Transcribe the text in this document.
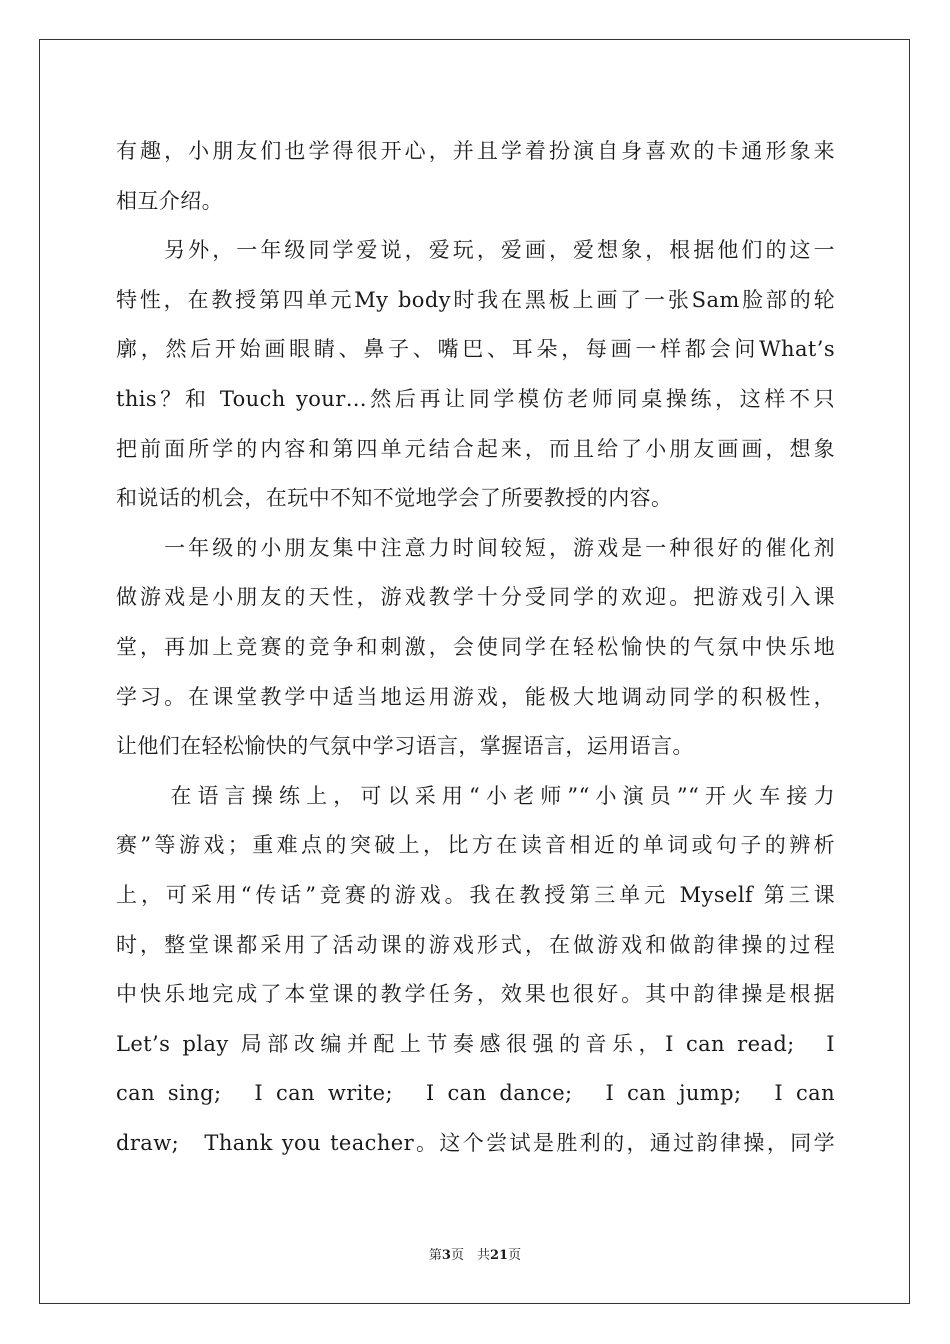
有趣，小朋友们也学得很开心，并且学着扮演自身喜欢的卡通形象来
相互介绍。
　　另外，一年级同学爱说，爱玩，爱画，爱想象，根据他们的这一
特性，在教授第四单元My body时我在黑板上画了一张Sam脸部的轮
廓，然后开始画眼睛、鼻子、嘴巴、耳朵，每画一样都会问What’s
this？和 Touch your…然后再让同学模仿老师同桌操练，这样不只
把前面所学的内容和第四单元结合起来，而且给了小朋友画画，想象
和说话的机会，在玩中不知不觉地学会了所要教授的内容。
　　一年级的小朋友集中注意力时间较短，游戏是一种很好的催化剂
做游戏是小朋友的天性，游戏教学十分受同学的欢迎。把游戏引入课
堂，再加上竞赛的竞争和刺激，会使同学在轻松愉快的气氛中快乐地
学习。在课堂教学中适当地运用游戏，能极大地调动同学的积极性，
让他们在轻松愉快的气氛中学习语言，掌握语言，运用语言。
　　在语言操练上，可以采用“小老师”“小演员”“开火车接力
赛”等游戏；重难点的突破上，比方在读音相近的单词或句子的辨析
上，可采用“传话”竞赛的游戏。我在教授第三单元 Myself 第三课
时，整堂课都采用了活动课的游戏形式，在做游戏和做韵律操的过程
中快乐地完成了本堂课的教学任务，效果也很好。其中韵律操是根据
Let’s play 局部改编并配上节奏感很强的音乐，I can read;　I
can sing;　I can write;　I can dance;　I can jump;　I can
draw;　Thank you teacher。这个尝试是胜利的，通过韵律操，同学
第3页　共21页
